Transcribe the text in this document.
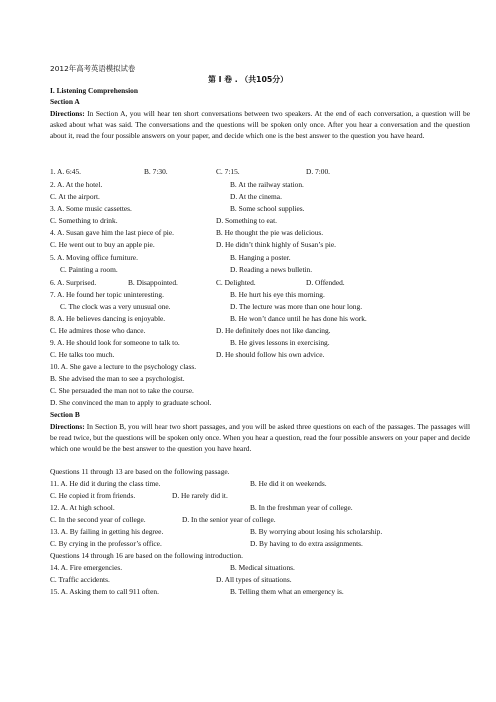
2012年高考英语模拟试卷
第 Ⅰ 卷 . （共105分）
I. Listening Comprehension
Section A
Directions: In Section A, you will hear ten short conversations between two speakers. At the end of each conversation, a question will be asked about what was said. The conversations and the questions will be spoken only once. After you hear a conversation and the question about it, read the four possible answers on your paper, and decide which one is the best answer to the question you have heard.
1. A. 6:45.	B. 7:30.	C. 7:15.	D. 7:00.
2. A. At the hotel.	B. At the railway station.
C. At the airport.	D. At the cinema.
3. A. Some music cassettes.	B. Some school supplies.
C. Something to drink.	D. Something to eat.
4. A. Susan gave him the last piece of pie.	B. He thought the pie was delicious.
C. He went out to buy an apple pie.	D. He didn’t think highly of Susan’s pie.
5. A. Moving office furniture.	B. Hanging a poster.
C. Painting a room.	D. Reading a news bulletin.
6. A. Surprised.	B. Disappointed.	C. Delighted.	D. Offended.
7. A. He found her topic uninteresting.	B. He hurt his eye this morning.
C. The clock was a very unusual one.	D. The lecture was more than one hour long.
8. A. He believes dancing is enjoyable.	B. He won’t dance until he has done his work.
C. He admires those who dance.	D. He definitely does not like dancing.
9. A. He should look for someone to talk to.	B. He gives lessons in exercising.
C. He talks too much.	D. He should follow his own advice.
10. A. She gave a lecture to the psychology class.
B. She advised the man to see a psychologist.
C. She persuaded the man not to take the course.
D. She convinced the man to apply to graduate school.
Section B
Directions: In Section B, you will hear two short passages, and you will be asked three questions on each of the passages. The passages will be read twice, but the questions will be spoken only once. When you hear a question, read the four possible answers on your paper and decide which one would be the best answer to the question you have heard.
Questions 11 through 13 are based on the following passage.
11. A. He did it during the class time.	B. He did it on weekends.
C. He copied it from friends.	D. He rarely did it.
12. A. At high school.	B. In the freshman year of college.
C. In the second year of college.	D. In the senior year of college.
13. A. By failing in getting his degree.	B. By worrying about losing his scholarship.
C. By crying in the professor’s office.	D. By having to do extra assignments.
Questions 14 through 16 are based on the following introduction.
14. A. Fire emergencies.	B. Medical situations.
C. Traffic accidents.	D. All types of situations.
15. A. Asking them to call 911 often.	B. Telling them what an emergency is.
